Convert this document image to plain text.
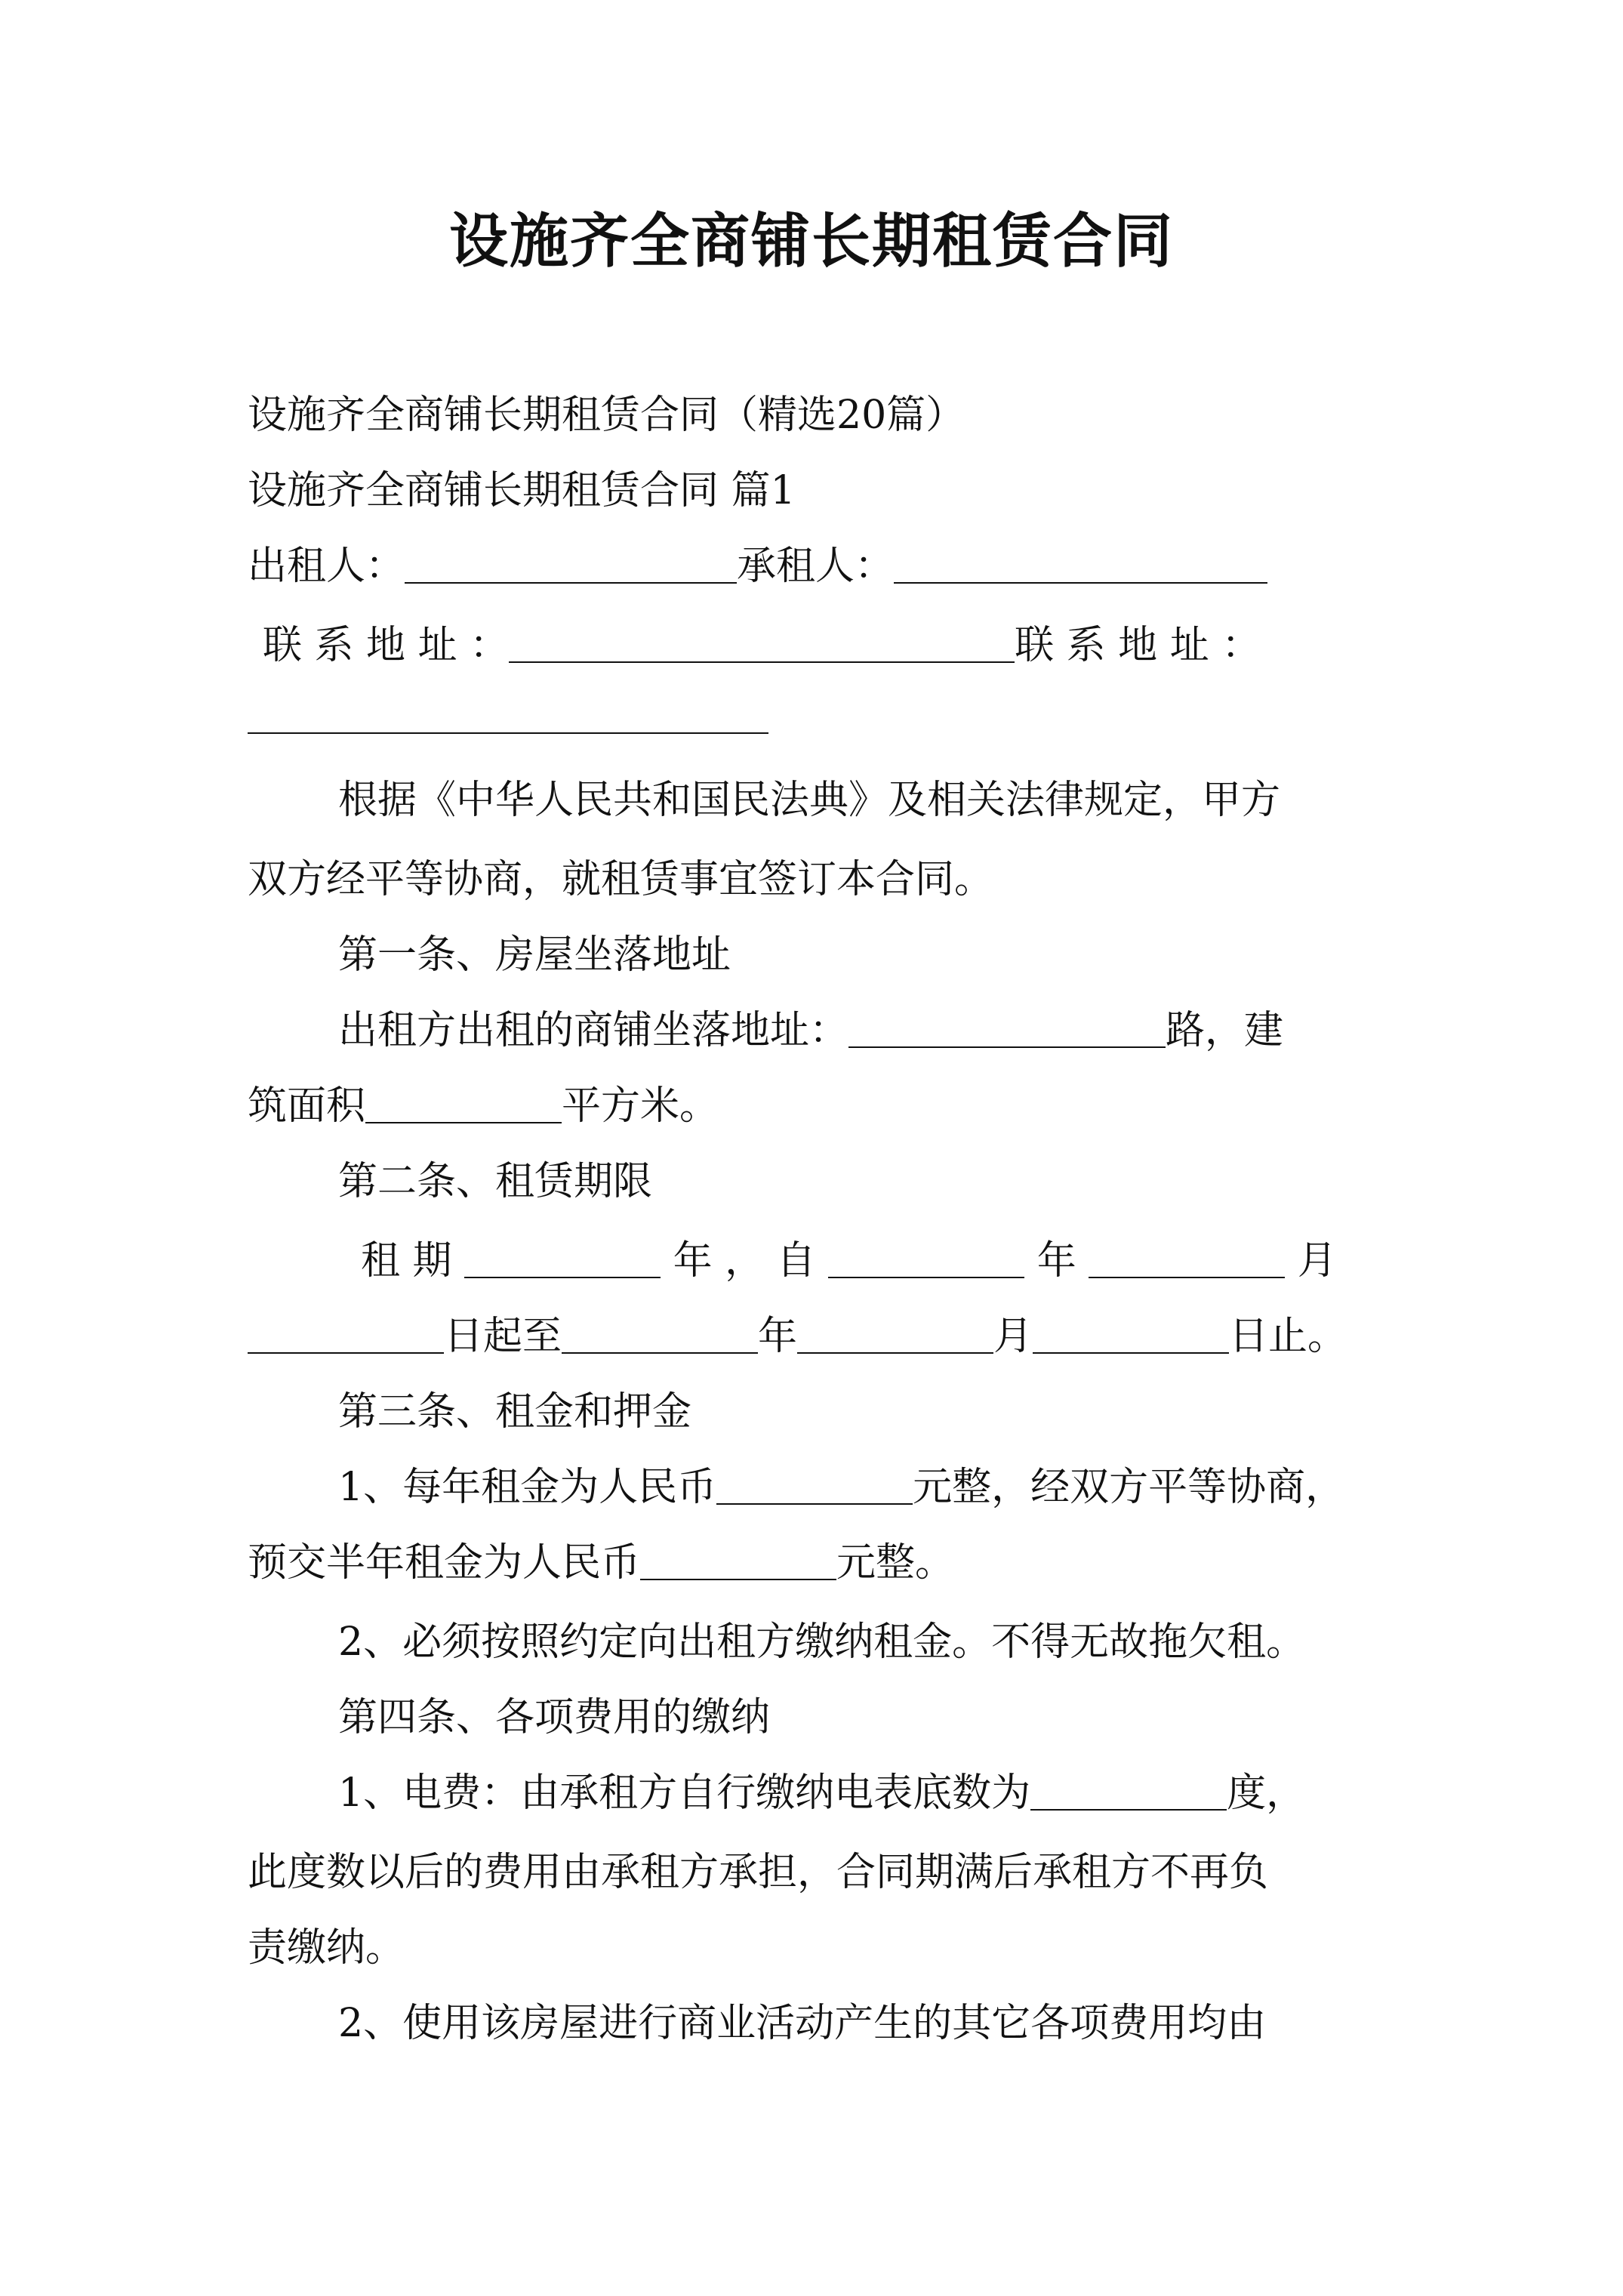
设施齐全商铺长期租赁合同
设施齐全商铺长期租赁合同（精选20篇）
设施齐全商铺长期租赁合同 篇1
出租人：	承租人：
联 系 地 址 ：	联 系 地 址 ：
根据《中华人民共和国民法典》及相关法律规定，甲方
双方经平等协商，就租赁事宜签订本合同。
第一条、房屋坐落地址
出租方出租的商铺坐落地址：	路，建
筑面积	平方米。
第二条、租赁期限
租 期	年 ， 自	年	月
日起至	年	月	日止。
第三条、租金和押金
1、每年租金为人民币	元整，经双方平等协商，
预交半年租金为人民币	元整。
2、必须按照约定向出租方缴纳租金。不得无故拖欠租。
第四条、各项费用的缴纳
1、电费：由承租方自行缴纳电表底数为	度，
此度数以后的费用由承租方承担，合同期满后承租方不再负
责缴纳。
2、使用该房屋进行商业活动产生的其它各项费用均由
